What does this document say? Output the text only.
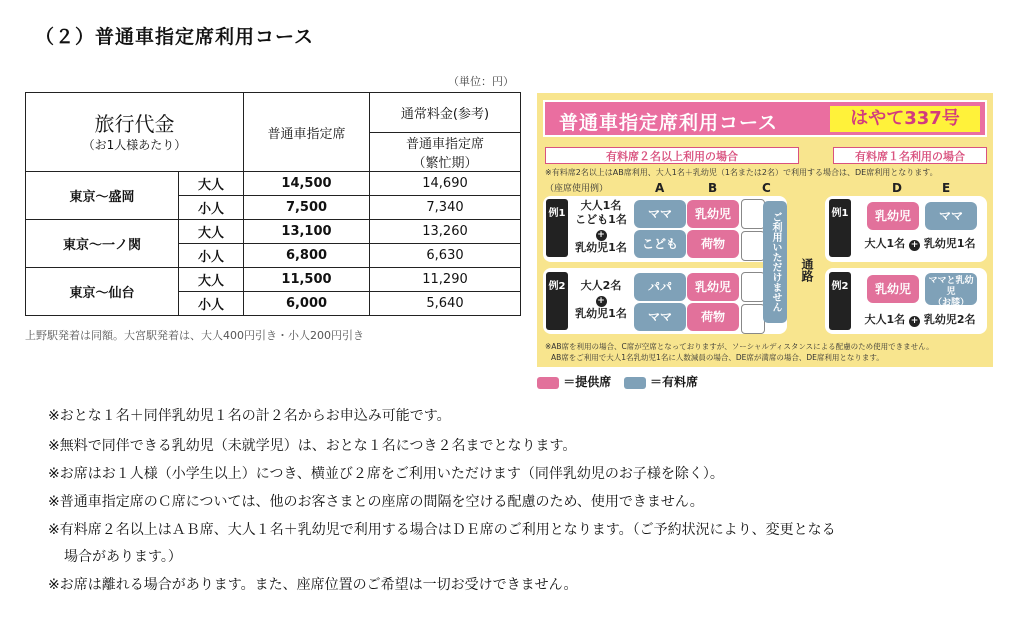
（２）普通車指定席利用コース
（単位：円）
旅行代金
（お1人様あたり）		普通車指定席	通常料金(参考)

			普通車指定席
（繁忙期）

東京～盛岡	大人	14,500	14,690
	小人	7,500	7,340
東京～一ノ関	大人	13,100	13,260
	小人	6,800	6,630
東京～仙台	大人	11,500	11,290
	小人	6,000	5,640
上野駅発着は同額。大宮駅発着は、大人400円引き・小人200円引き
普通車指定席利用コース	はやて337号
有料席２名以上利用の場合	有料席１名利用の場合
※有料席2名以上はAB席利用、大人1名＋乳幼児（1名または2名）で利用する場合は、DE席利用となります。
（座席使用例）	A	B	C	D	E
例1
例2
大人1名
こども1名
+
乳幼児1名
大人2名
+
乳幼児1名
ママ
こども
乳幼児
荷物
パパ
ママ
乳幼児
荷物
ご利用いただけません	通路
例1
例2
乳幼児	ママ
大人1名 + 乳幼児1名
乳幼児
ママと乳幼児
（お膝）
大人1名 + 乳幼児2名
※AB席を利用の場合、C席が空席となっておりますが、ソーシャルディスタンスによる配慮のため使用できません。
AB席をご利用で大人1名乳幼児1名に人数減員の場合、DE席が満席の場合、DE席利用となります。
＝提供席	＝有料席
※おとな１名＋同伴乳幼児１名の計２名からお申込み可能です。
※無料で同伴できる乳幼児（未就学児）は、おとな１名につき２名までとなります。
※お席はお１人様（小学生以上）につき、横並び２席をご利用いただけます（同伴乳幼児のお子様を除く）。
※普通車指定席のＣ席については、他のお客さまとの座席の間隔を空ける配慮のため、使用できません。
※有料席２名以上はＡＢ席、大人１名＋乳幼児で利用する場合はＤＥ席のご利用となります。（ご予約状況により、変更となる
場合があります。）
※お席は離れる場合があります。また、座席位置のご希望は一切お受けできません。
